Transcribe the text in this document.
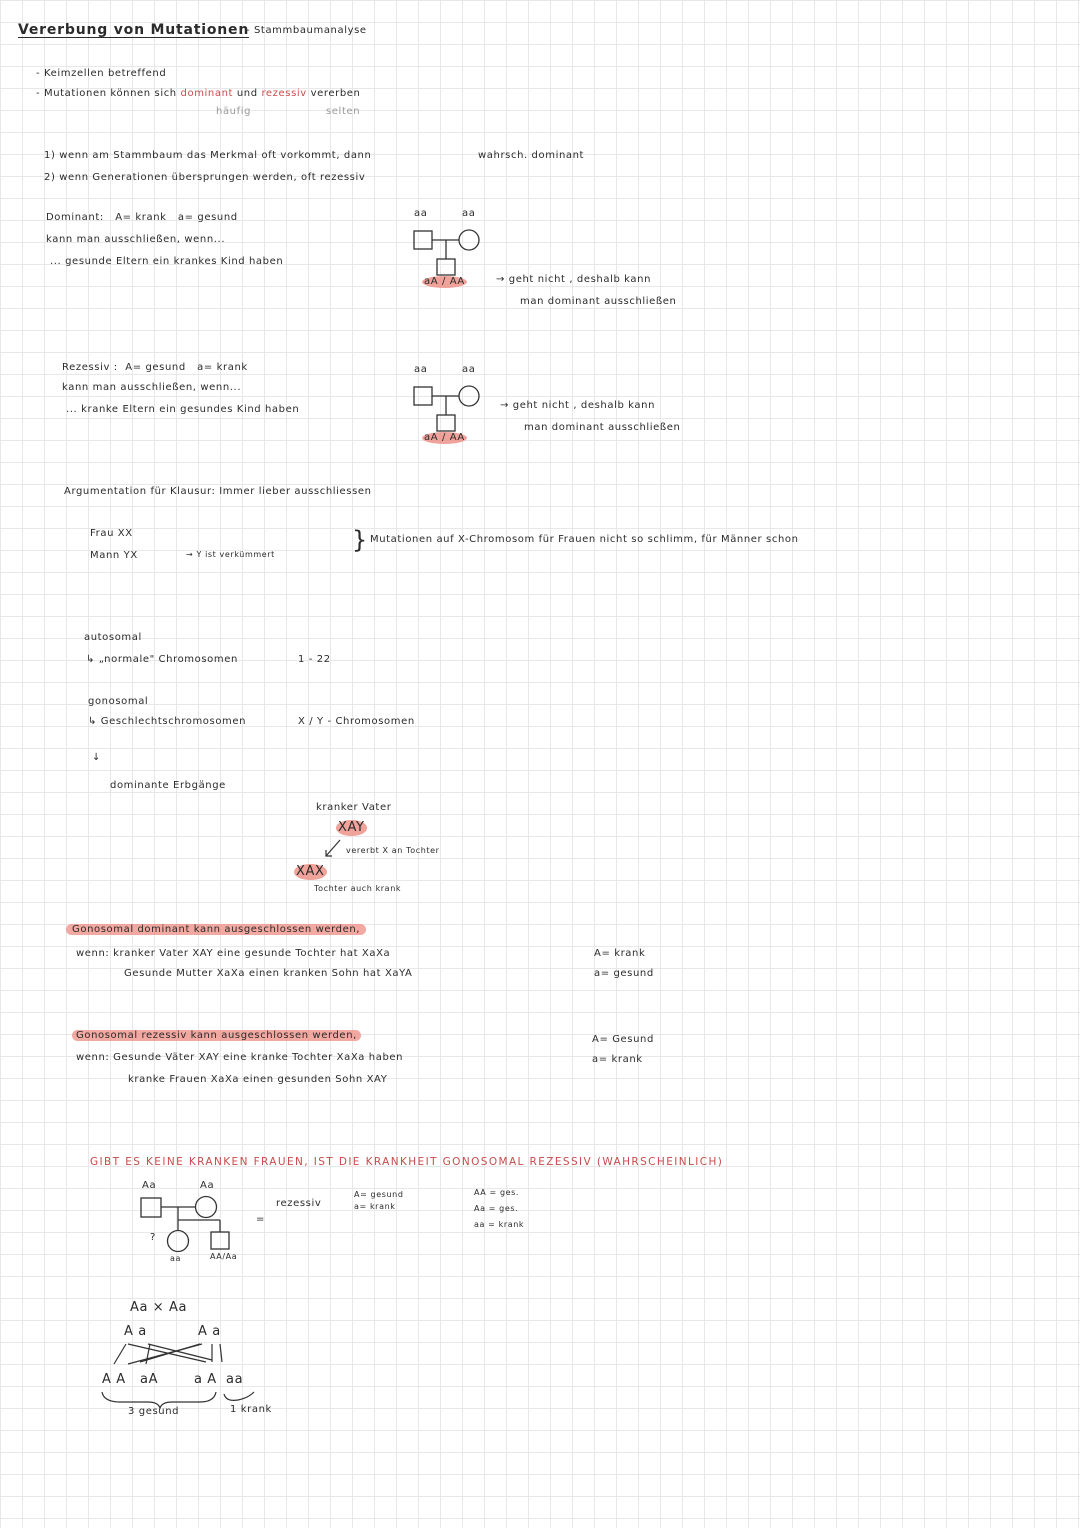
Vererbung von Mutationen
- Stammbaumanalyse
- Keimzellen betreffend
- Mutationen können sich dominant und rezessiv vererben
häufig	selten
1) wenn am Stammbaum das Merkmal oft vorkommt, dann	wahrsch. dominant
2) wenn Generationen übersprungen werden, oft rezessiv
Dominant: A= krank a= gesund
kann man ausschließen, wenn...
... gesunde Eltern ein krankes Kind haben
aa	aa
aA / AA	→ geht nicht , deshalb kann
man dominant ausschließen
Rezessiv : A= gesund a= krank
kann man ausschließen, wenn...
... kranke Eltern ein gesundes Kind haben
aa	aa
aA / AA
→ geht nicht , deshalb kann
man dominant ausschließen
Argumentation für Klausur: Immer lieber ausschliessen
Frau XX
Mann YX	→ Y ist verkümmert
} Mutationen auf X-Chromosom für Frauen nicht so schlimm, für Männer schon
autosomal
↳ „normale" Chromosomen	1 - 22
gonosomal
↳ Geschlechtschromosomen	X / Y - Chromosomen
↓
dominante Erbgänge
kranker Vater
XAY
vererbt X an Tochter
XAX
Tochter auch krank
Gonosomal dominant kann ausgeschlossen werden,
wenn: kranker Vater XAY eine gesunde Tochter hat XaXa
Gesunde Mutter XaXa einen kranken Sohn hat XaYA
A= krank
a= gesund
Gonosomal rezessiv kann ausgeschlossen werden,
wenn: Gesunde Väter XAY eine kranke Tochter XaXa haben
kranke Frauen XaXa einen gesunden Sohn XAY
A= Gesund
a= krank
GIBT ES KEINE KRANKEN FRAUEN, IST DIE KRANKHEIT GONOSOMAL REZESSIV (WAHRSCHEINLICH)
Aa	Aa
?
aa	AA/Aa
=
rezessiv
A= gesund
a= krank
AA = ges.
Aa = ges.
aa = krank
Aa × Aa
A a	A a
A A aA	a A aa
3 gesund	1 krank
